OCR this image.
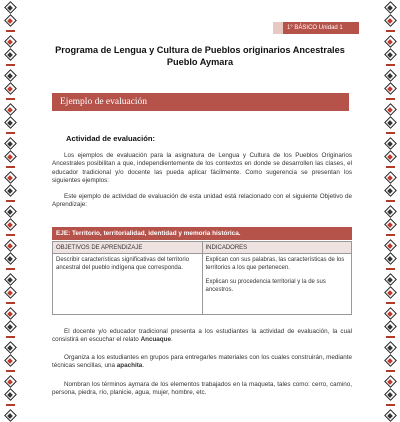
1° BÁSICO Unidad 1
Programa de Lengua y Cultura de Pueblos originarios Ancestrales
Pueblo Aymara
Ejemplo de evaluación
Actividad de evaluación:
Los ejemplos de evaluación para la asignatura de Lengua y Cultura de los Pueblos Originarios Ancestrales posibilitan a que, independientemente de los contextos en donde se desarrollen las clases, el educador tradicional y/o docente las pueda aplicar fácilmente. Como sugerencia se presentan los siguientes ejemplos:
Este ejemplo de actividad de evaluación de esta unidad está relacionado con el siguiente Objetivo de Aprendizaje:
EJE: Territorio, territorialidad, identidad y memoria histórica.
OBJETIVOS DE APRENDIZAJE	INDICADORES

Describir características significativas del territorio ancestral del pueblo indígena que corresponda.	Explican con sus palabras, las características de los territorios a los que pertenecen.

Explican su procedencia territorial y la de sus ancestros.

El docente y/o educador tradicional presenta a los estudiantes la actividad de evaluación, la cual consistirá en escuchar el relato Ancuaque.
Organiza a los estudiantes en grupos para entregarles materiales con los cuales construirán, mediante técnicas sencillas, una apachita.
Nombran los términos aymara de los elementos trabajados en la maqueta, tales como: cerro, camino, persona, piedra, río, planicie, agua, mujer, hombre, etc.
